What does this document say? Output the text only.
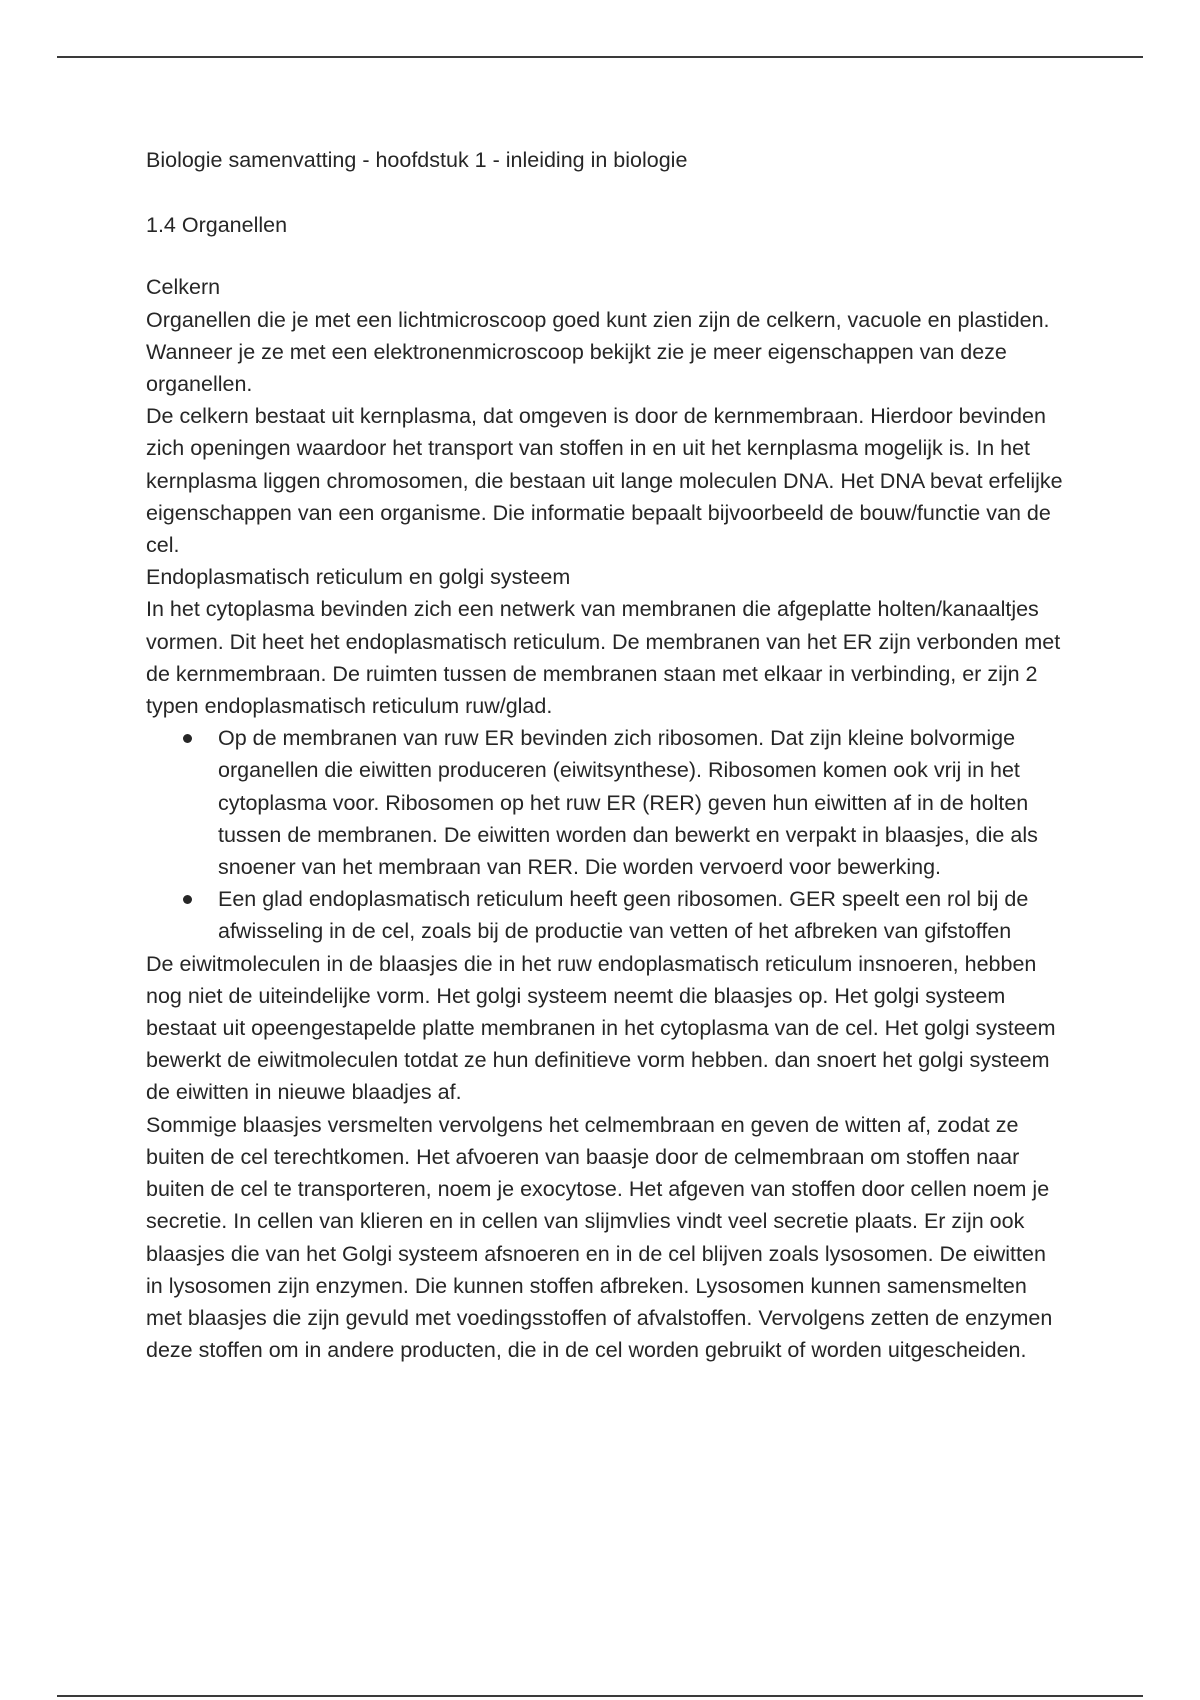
Biologie samenvatting - hoofdstuk 1 - inleiding in biologie

1.4 Organellen

Celkern

Organellen die je met een lichtmicroscoop goed kunt zien zijn de celkern, vacuole en plastiden. Wanneer je ze met een elektronenmicroscoop bekijkt zie je meer eigenschappen van deze organellen.

De celkern bestaat uit kernplasma, dat omgeven is door de kernmembraan. Hierdoor bevinden zich openingen waardoor het transport van stoffen in en uit het kernplasma mogelijk is. In het kernplasma liggen chromosomen, die bestaan uit lange moleculen DNA. Het DNA bevat erfelijke eigenschappen van een organisme. Die informatie bepaalt bijvoorbeeld de bouw/functie van de cel.

Endoplasmatisch reticulum en golgi systeem

In het cytoplasma bevinden zich een netwerk van membranen die afgeplatte holten/kanaaltjes vormen. Dit heet het endoplasmatisch reticulum. De membranen van het ER zijn verbonden met de kernmembraan. De ruimten tussen de membranen staan met elkaar in verbinding, er zijn 2 typen endoplasmatisch reticulum ruw/glad.

Op de membranen van ruw ER bevinden zich ribosomen. Dat zijn kleine bolvormige organellen die eiwitten produceren (eiwitsynthese). Ribosomen komen ook vrij in het cytoplasma voor. Ribosomen op het ruw ER (RER) geven hun eiwitten af in de holten tussen de membranen. De eiwitten worden dan bewerkt en verpakt in blaasjes, die als snoener van het membraan van RER. Die worden vervoerd voor bewerking.
Een glad endoplasmatisch reticulum heeft geen ribosomen. GER speelt een rol bij de afwisseling in de cel, zoals bij de productie van vetten of het afbreken van gifstoffen

De eiwitmoleculen in de blaasjes die in het ruw endoplasmatisch reticulum insnoeren, hebben nog niet de uiteindelijke vorm. Het golgi systeem neemt die blaasjes op. Het golgi systeem bestaat uit opeengestapelde platte membranen in het cytoplasma van de cel. Het golgi systeem bewerkt de eiwitmoleculen totdat ze hun definitieve vorm hebben. dan snoert het golgi systeem de eiwitten in nieuwe blaadjes af.

Sommige blaasjes versmelten vervolgens het celmembraan en geven de witten af, zodat ze buiten de cel terechtkomen. Het afvoeren van baasje door de celmembraan om stoffen naar buiten de cel te transporteren, noem je exocytose. Het afgeven van stoffen door cellen noem je secretie. In cellen van klieren en in cellen van slijmvlies vindt veel secretie plaats. Er zijn ook blaasjes die van het Golgi systeem afsnoeren en in de cel blijven zoals lysosomen. De eiwitten in lysosomen zijn enzymen. Die kunnen stoffen afbreken. Lysosomen kunnen samensmelten met blaasjes die zijn gevuld met voedingsstoffen of afvalstoffen. Vervolgens zetten de enzymen deze stoffen om in andere producten, die in de cel worden gebruikt of worden uitgescheiden.
